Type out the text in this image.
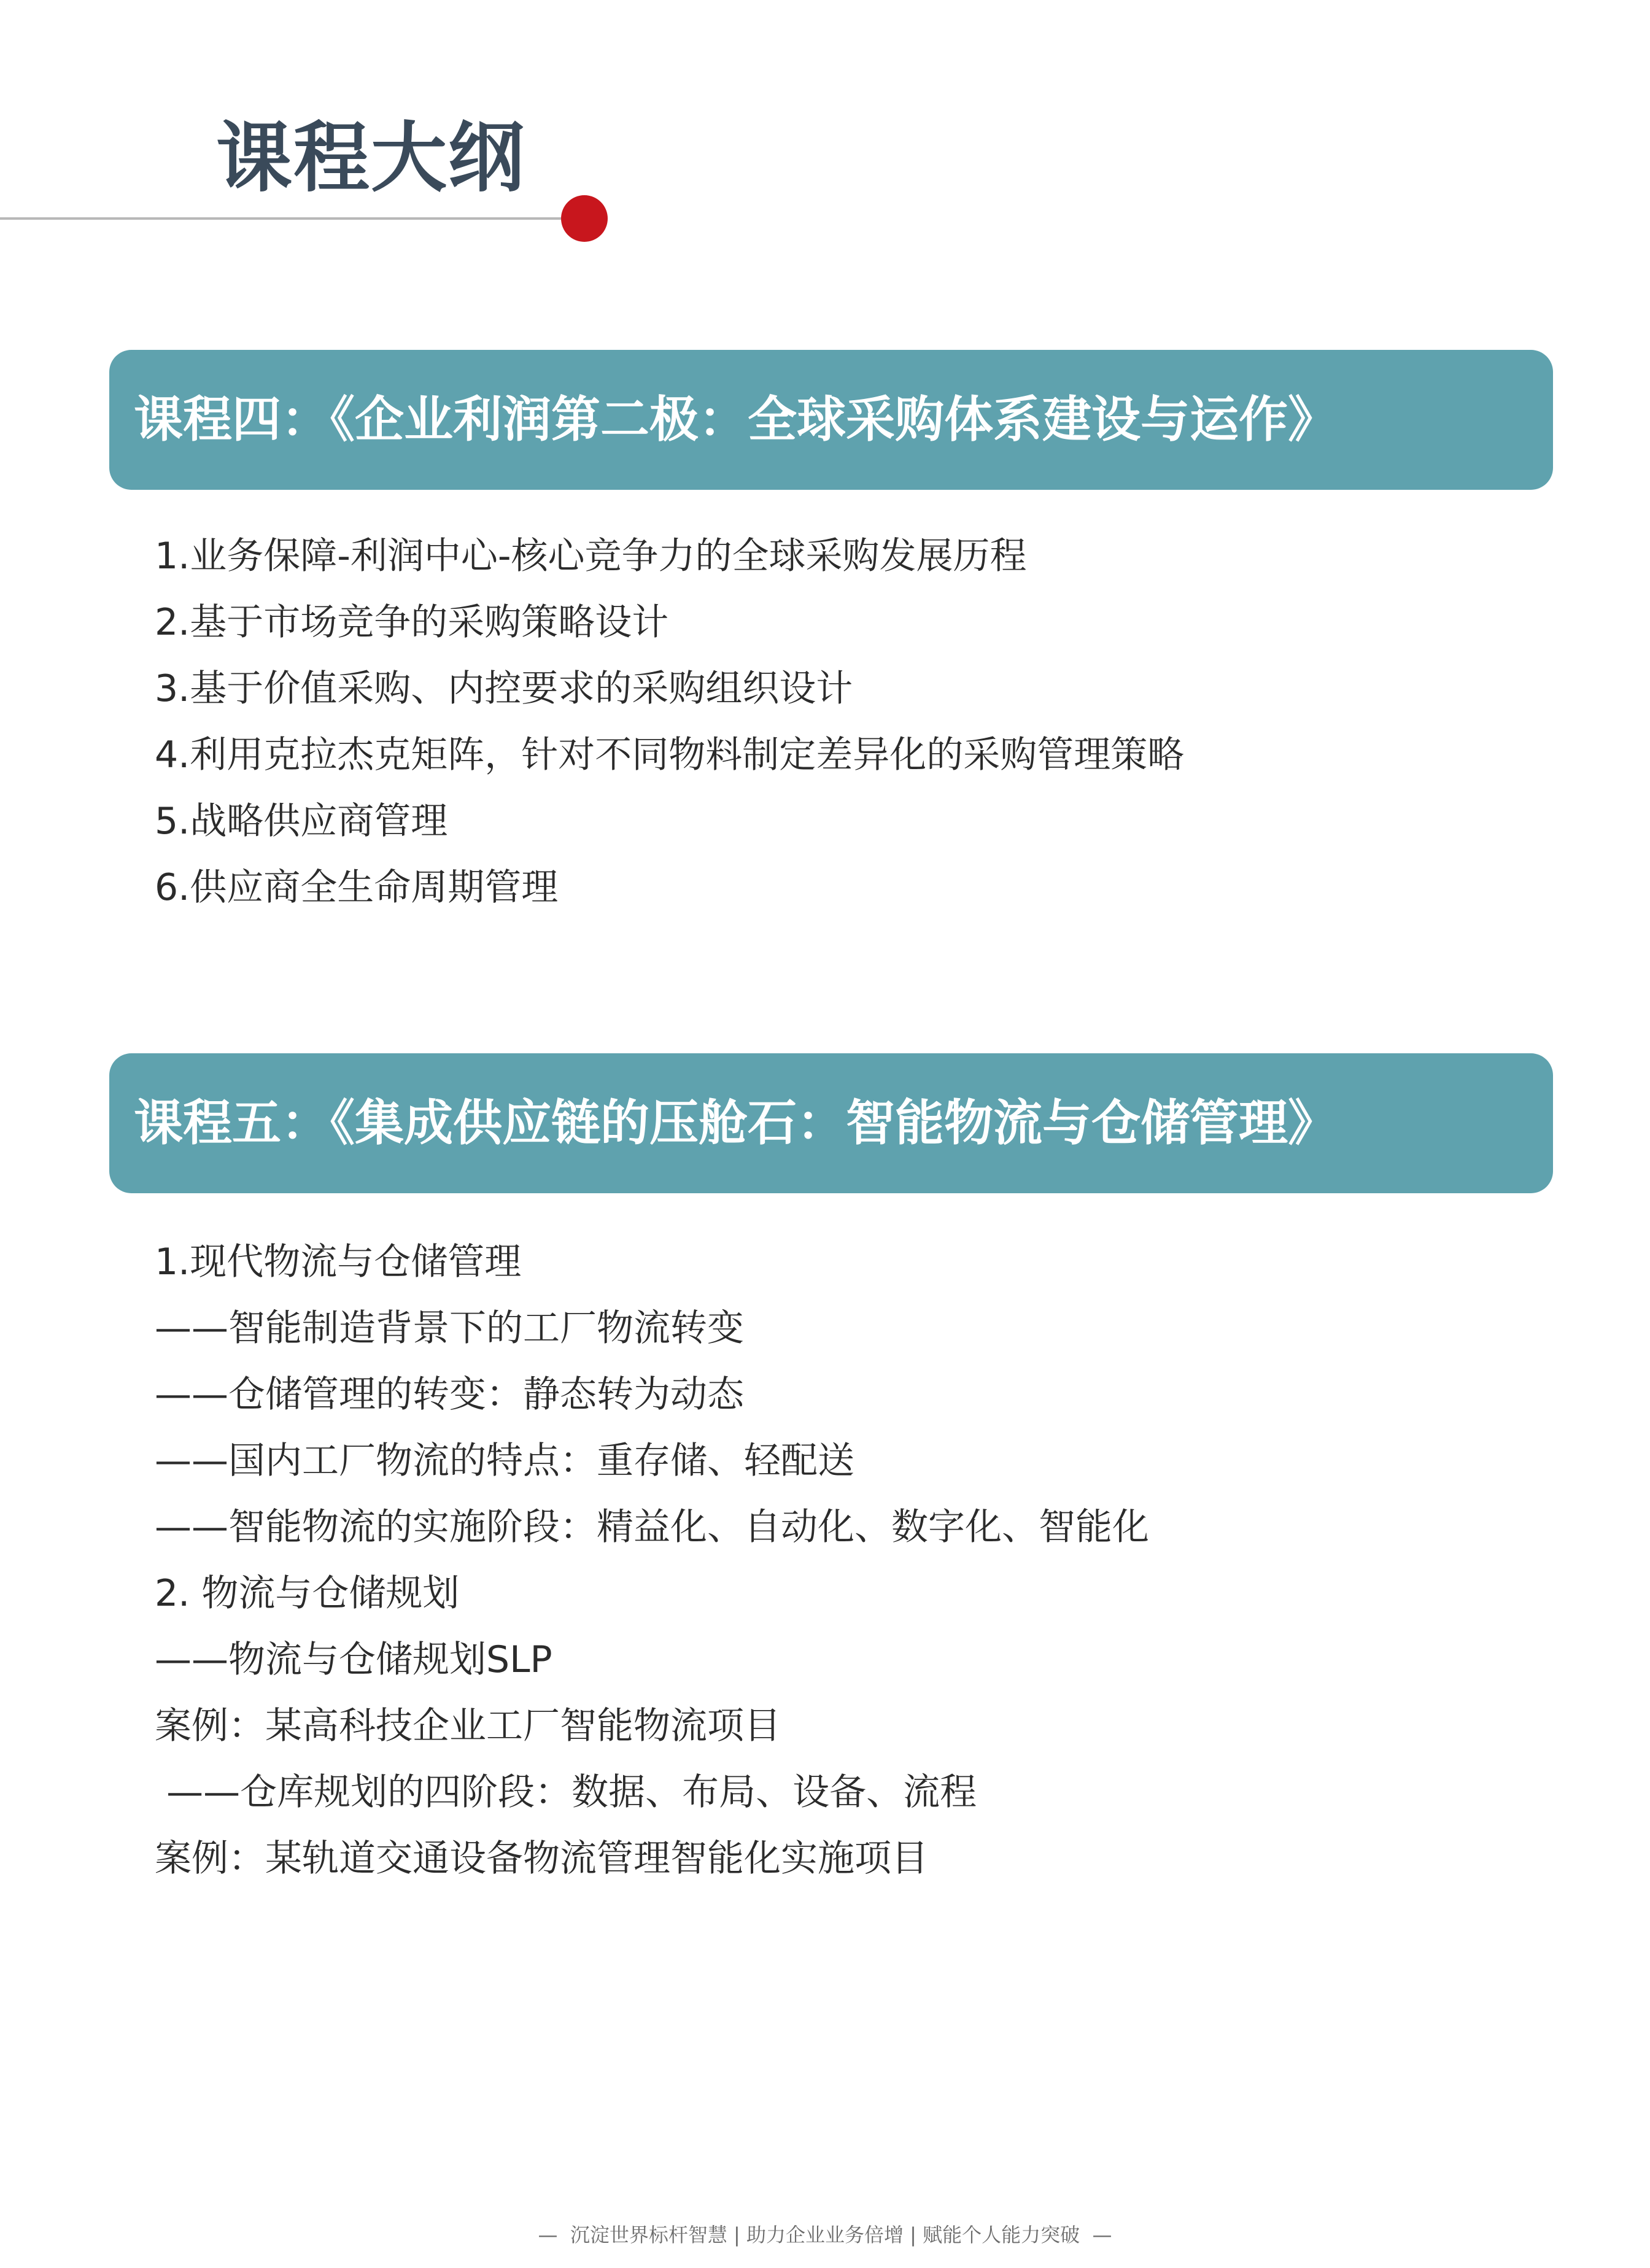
课程大纲
课程四：《企业利润第二极：全球采购体系建设与运作》
1.业务保障-利润中心-核心竞争力的全球采购发展历程
2.基于市场竞争的采购策略设计
3.基于价值采购、内控要求的采购组织设计
4.利用克拉杰克矩阵，针对不同物料制定差异化的采购管理策略
5.战略供应商管理
6.供应商全生命周期管理
课程五：《集成供应链的压舱石：智能物流与仓储管理》
1.现代物流与仓储管理
——智能制造背景下的工厂物流转变
——仓储管理的转变：静态转为动态
——国内工厂物流的特点：重存储、轻配送
——智能物流的实施阶段：精益化、自动化、数字化、智能化
2. 物流与仓储规划
——物流与仓储规划SLP
案例：某高科技企业工厂智能物流项目
——仓库规划的四阶段：数据、布局、设备、流程
案例：某轨道交通设备物流管理智能化实施项目
—  沉淀世界标杆智慧 | 助力企业业务倍增 | 赋能个人能力突破  —
